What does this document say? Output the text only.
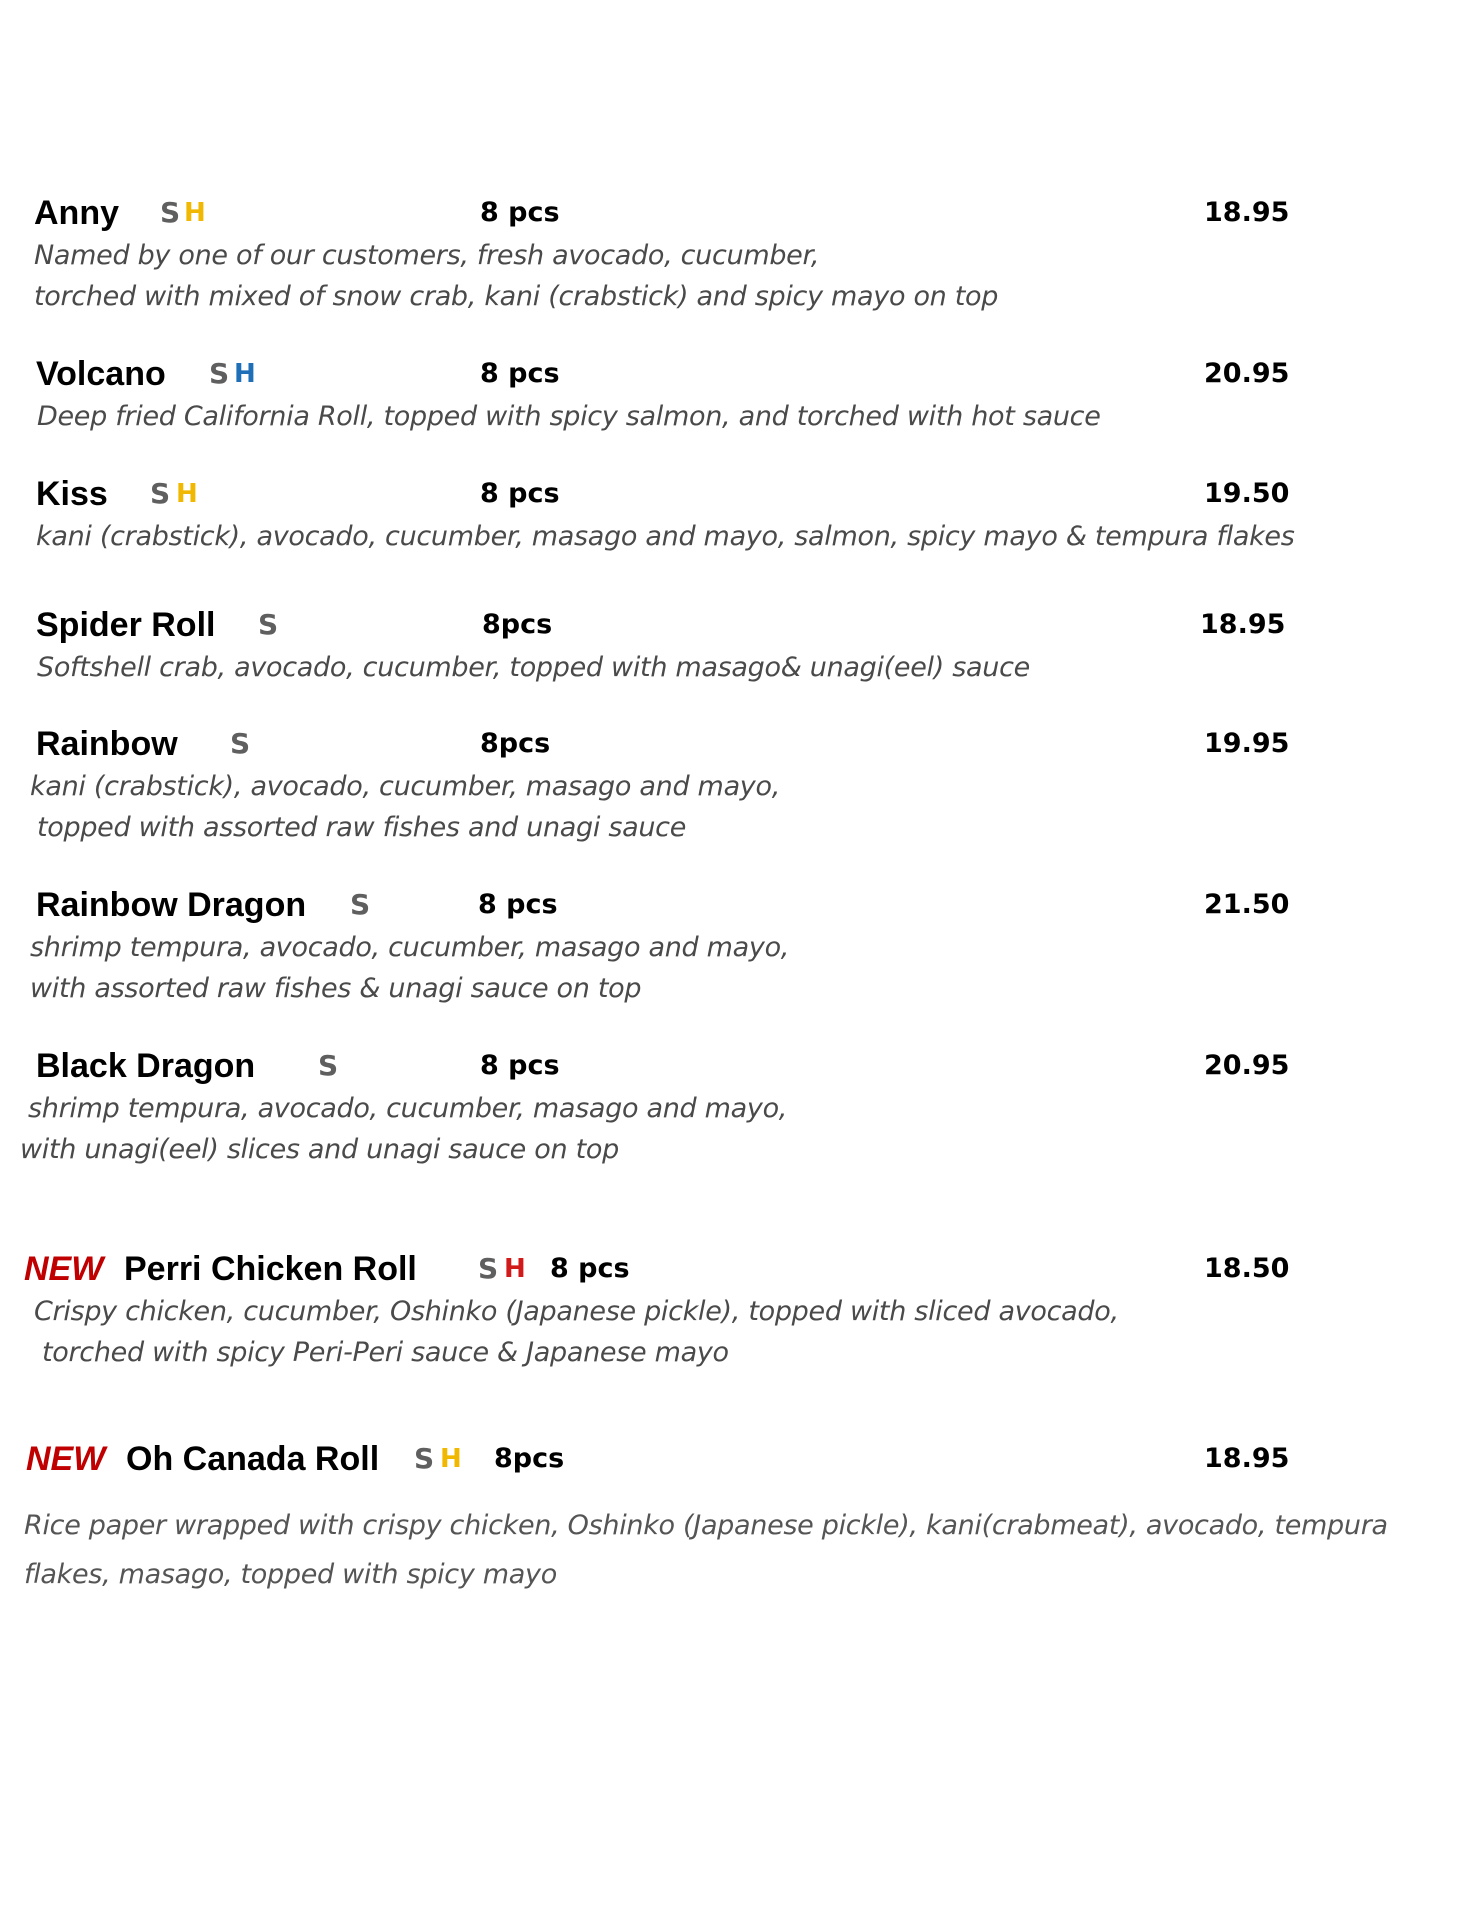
Anny S H	8 pcs	18.95
Named by one of our customers, fresh avocado, cucumber,
torched with mixed of snow crab, kani (crabstick) and spicy mayo on top
Volcano S H	8 pcs	20.95
Deep fried California Roll, topped with spicy salmon, and torched with hot sauce
Kiss S H	8 pcs	19.50
kani (crabstick), avocado, cucumber, masago and mayo, salmon, spicy mayo & tempura flakes
Spider Roll S	8pcs	18.95
Softshell crab, avocado, cucumber, topped with masago& unagi(eel) sauce
Rainbow S	8pcs	19.95
kani (crabstick), avocado, cucumber, masago and mayo,
topped with assorted raw fishes and unagi sauce
Rainbow Dragon S	8 pcs	21.50
shrimp tempura, avocado, cucumber, masago and mayo,
with assorted raw fishes & unagi sauce on top
Black Dragon S	8 pcs	20.95
shrimp tempura, avocado, cucumber, masago and mayo,
with unagi(eel) slices and unagi sauce on top
NEW Perri Chicken Roll S H 8 pcs	18.50
Crispy chicken, cucumber, Oshinko (Japanese pickle), topped with sliced avocado,
torched with spicy Peri-Peri sauce & Japanese mayo
NEW Oh Canada Roll S H 8pcs	18.95
Rice paper wrapped with crispy chicken, Oshinko (Japanese pickle), kani(crabmeat), avocado, tempura
flakes, masago, topped with spicy mayo
